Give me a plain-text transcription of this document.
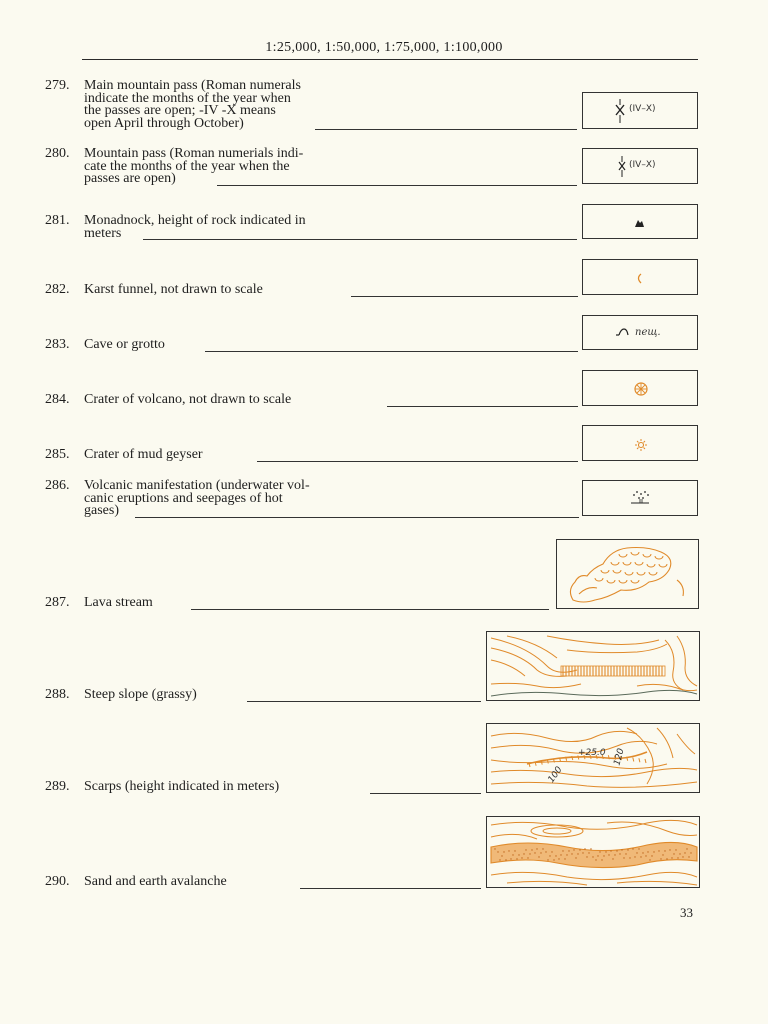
1:25,000, 1:50,000, 1:75,000, 1:100,000
279. Main mountain pass (Roman numerals
indicate the months of the year when
the passes are open; -IV -X means
open April through October)
(IV–X)
280. Mountain pass (Roman numerials indi-
cate the months of the year when the
passes are open)
(IV–X)
281. Monadnock, height of rock indicated in
meters
282. Karst funnel, not drawn to scale
283. Cave or grotto
пещ.
284. Crater of volcano, not drawn to scale
285. Crater of mud geyser
286. Volcanic manifestation (underwater vol-
canic eruptions and seepages of hot
gases)
287. Lava stream
288. Steep slope (grassy)
289. Scarps (height indicated in meters)
+25.0 120
100
290. Sand and earth avalanche
33
